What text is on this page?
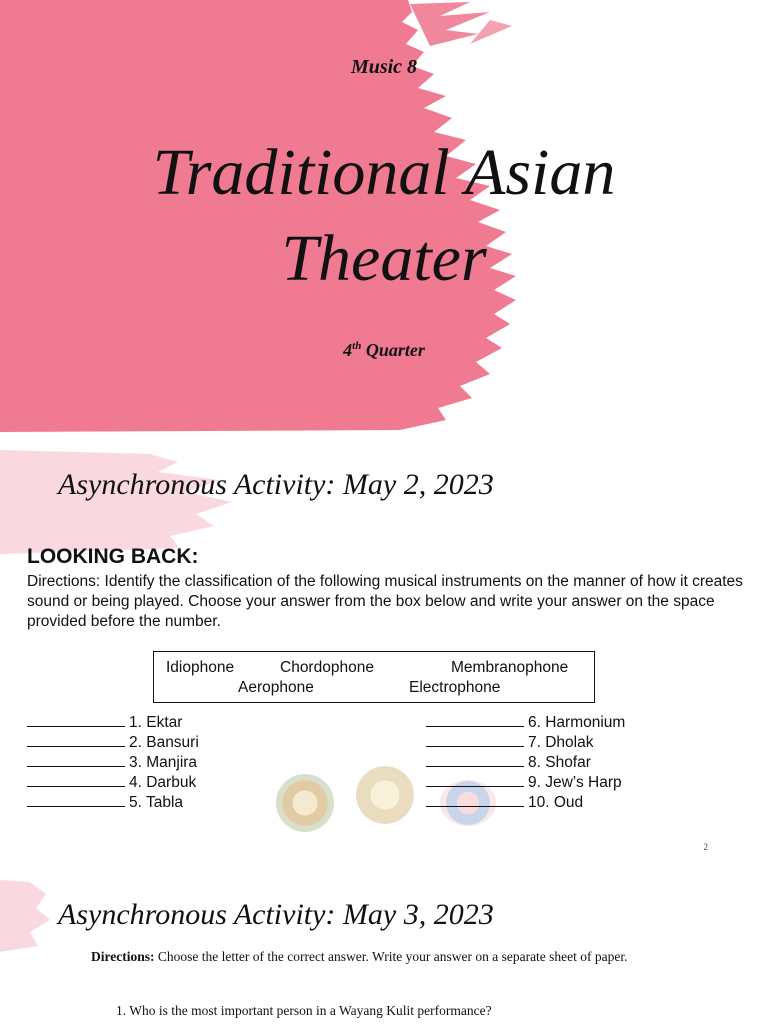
Music 8
Traditional Asian
Theater
4th Quarter
Asynchronous Activity: May 2, 2023
LOOKING BACK:
Directions: Identify the classification of the following musical instruments on the manner of how it creates sound or being played. Choose your answer from the box below and write your answer on the space provided before the number.
Idiophone	Chordophone	Membranophone
Aerophone	Electrophone
1. Ektar
2. Bansuri
3. Manjira
4. Darbuk
5. Tabla
6. Harmonium
7. Dholak
8. Shofar
9. Jew’s Harp
10. Oud
2
Asynchronous Activity: May 3, 2023
Directions: Choose the letter of the correct answer. Write your answer on a separate sheet of paper.
1. Who is the most important person in a Wayang Kulit performance?
